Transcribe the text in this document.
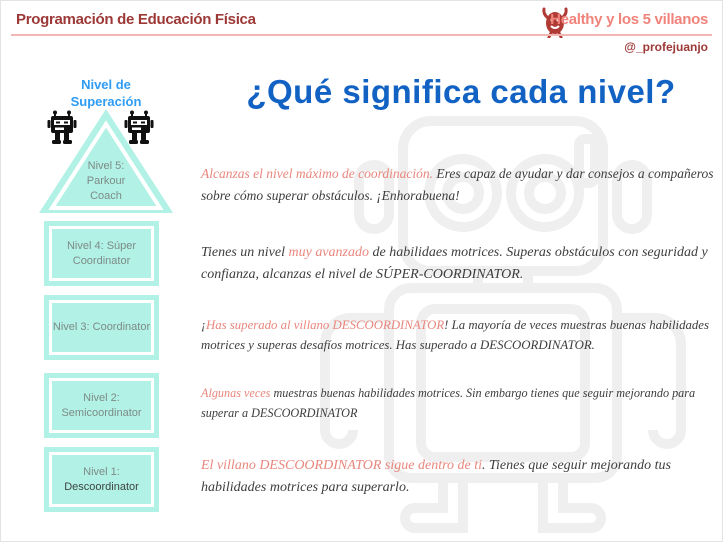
Programación de Educación Física	Healthy y los 5 villanos
@_profejuanjo
Nivel de
Superación
Nivel 5:
Parkour
Coach
Nivel 4: Súper
Coordinator
Nivel 3: Coordinator
Nivel 2:
Semicoordinator
Nivel 1:
Descoordinator
¿Qué significa cada nivel?
Alcanzas el nivel máximo de coordinación. Eres capaz de ayudar y dar consejos a compañeros sobre cómo superar obstáculos. ¡Enhorabuena!
Tienes un nivel muy avanzado de habilidaes motrices. Superas obstáculos con seguridad y confianza, alcanzas el nivel de SÚPER-COORDINATOR.
¡Has superado al villano DESCOORDINATOR! La mayoría de veces muestras buenas habilidades motrices y superas desafíos motrices. Has superado a DESCOORDINATOR.
Algunas veces muestras buenas habilidades motrices. Sin embargo tienes que seguir mejorando para superar a DESCOORDINATOR
El villano DESCOORDINATOR sigue dentro de ti. Tienes que seguir mejorando tus habilidades motrices para superarlo.
